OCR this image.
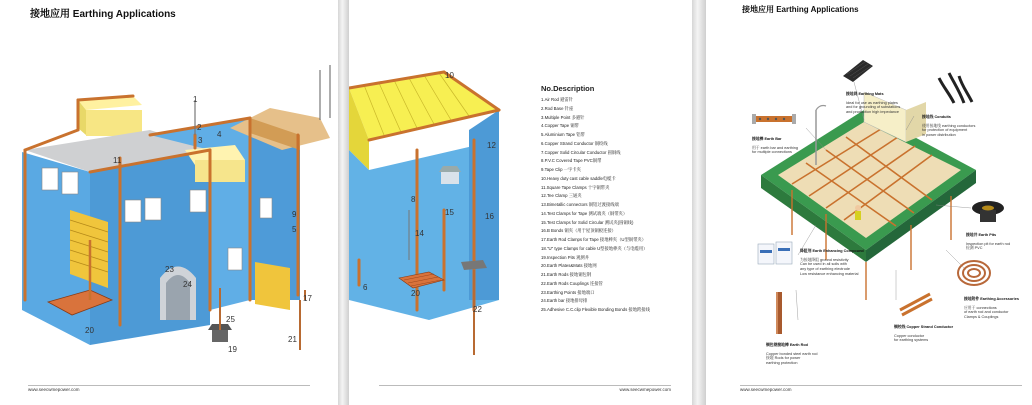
接地应用 Earthing Applications
1
2
3
4
5
9
11
17
19
20
21
23
24
25
www.seecwmepower.com
6
8
10
12
14
15	16
20
22
No.Description
1.Air Rod 避雷针
2.Rod Base 针座
3.Multiple Point 多避针
4.Copper Tape 铜带
5.Aluminium Tape 铝带
6.Copper Strand Conductor 铜绞线
7.Copper Solid Circular Conductor 圆铜线
8.P.V.C Covered Tape PVC铜带
9.Tape Clip 一字卡夹
10.Heavy duty cast cable saddle电缆卡
11.Square Tape Clamps 十字铜带夹
12.Tee Clamp 三通夹
13.Bimetallic connectors 铜铝过渡接线端
14.Test Clamps for Tape 测试端夹（铜带夹）
15.Test Clamps for Solid Circular 测试夹(圆铜线)
16.B Bonds 铜夹（用于屋顶铜板连接）
17.Earth Rod Clamps for Tape 接地棒夹（U型铜带夹）
18."U" type Clamps for cable U型接地棒夹（与电缆用）
19.Inspection Pits 观测井
20.Earth Plates&Mats 接地网
21.Earth Rods 接地铜包钢
22.Earth Rods Couplings 连接管
23.Earthing Points 接地端口
24.Earth bar 接地排母排
25.Adhesive C.C.clip Flexible Bonding Bonds 接地跨接线
www.seecwmepower.com
接地应用 Earthing Applications

接地网 Earthing Mats

Ideal for use as earthing plates
and for grounding of substations
and production high impedance

接地线 Conduits

使用接地线 earthing conductors
for protection of equipment
in power distribution

接地棒 Earth Bar

用于 earth bar and earthing
for multiple connections

接地井 Earth Pits

Inspection pit for earth rod
检测 PVC

降阻剂 Earth Enhancing Compound

为接地降阻 ground resistivity
Can be used in all soils with
any type of earthing electrode
Low resistance enhancing material

接地附件 Earthing Accessories

应用于 connections
of earth rod and conductor
Clamps & Couplings

铜包钢接地棒 Earth Rod

Copper bonded steel earth rod
接地 Rods for power
earthing protection

铜绞线 Copper Strand Conductor

Copper conductor
for earthing systems

www.seecwmepower.com
